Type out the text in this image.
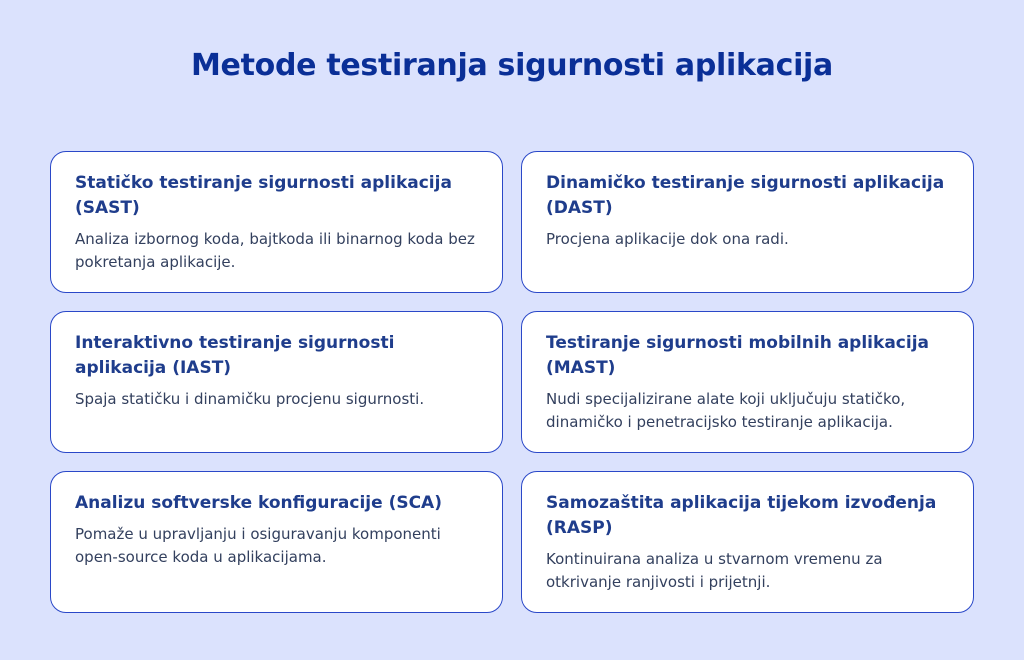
Metode testiranja sigurnosti aplikacija

Statičko testiranje sigurnosti aplikacija (SAST)

Analiza izbornog koda, bajtkoda ili binarnog koda bez pokretanja aplikacije.

Dinamičko testiranje sigurnosti aplikacija (DAST)

Procjena aplikacije dok ona radi.

Interaktivno testiranje sigurnosti aplikacija (IAST)

Spaja statičku i dinamičku procjenu sigurnosti.

Testiranje sigurnosti mobilnih aplikacija (MAST)

Nudi specijalizirane alate koji uključuju statičko, dinamičko i penetracijsko testiranje aplikacija.

Analizu softverske konfiguracije (SCA)

Pomaže u upravljanju i osiguravanju komponenti open-source koda u aplikacijama.

Samozaštita aplikacija tijekom izvođenja (RASP)

Kontinuirana analiza u stvarnom vremenu za otkrivanje ranjivosti i prijetnji.
